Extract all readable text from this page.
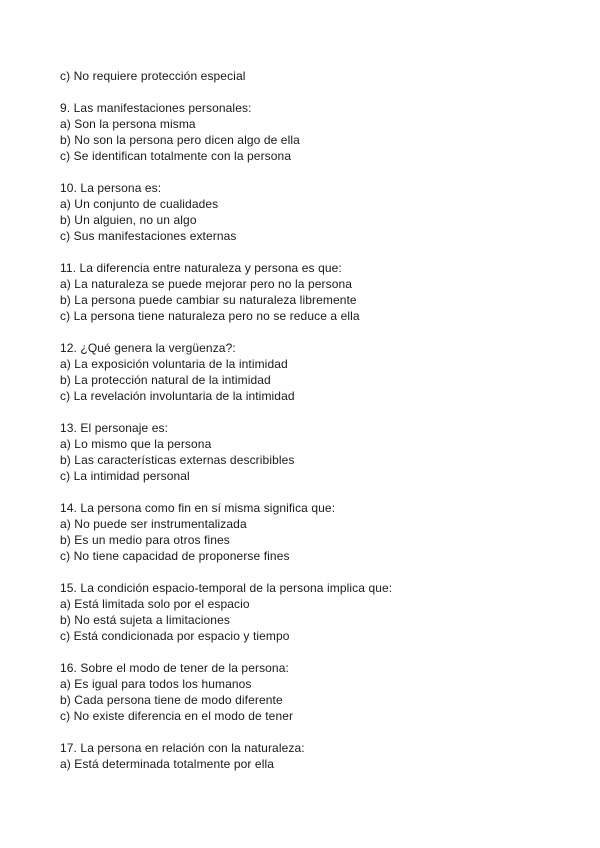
c) No requiere protección especial
9. Las manifestaciones personales:
a) Son la persona misma
b) No son la persona pero dicen algo de ella
c) Se identifican totalmente con la persona
10. La persona es:
a) Un conjunto de cualidades
b) Un alguien, no un algo
c) Sus manifestaciones externas
11. La diferencia entre naturaleza y persona es que:
a) La naturaleza se puede mejorar pero no la persona
b) La persona puede cambiar su naturaleza libremente
c) La persona tiene naturaleza pero no se reduce a ella
12. ¿Qué genera la vergüenza?:
a) La exposición voluntaria de la intimidad
b) La protección natural de la intimidad
c) La revelación involuntaria de la intimidad
13. El personaje es:
a) Lo mismo que la persona
b) Las características externas describibles
c) La intimidad personal
14. La persona como fin en sí misma significa que:
a) No puede ser instrumentalizada
b) Es un medio para otros fines
c) No tiene capacidad de proponerse fines
15. La condición espacio-temporal de la persona implica que:
a) Está limitada solo por el espacio
b) No está sujeta a limitaciones
c) Está condicionada por espacio y tiempo
16. Sobre el modo de tener de la persona:
a) Es igual para todos los humanos
b) Cada persona tiene de modo diferente
c) No existe diferencia en el modo de tener
17. La persona en relación con la naturaleza:
a) Está determinada totalmente por ella
